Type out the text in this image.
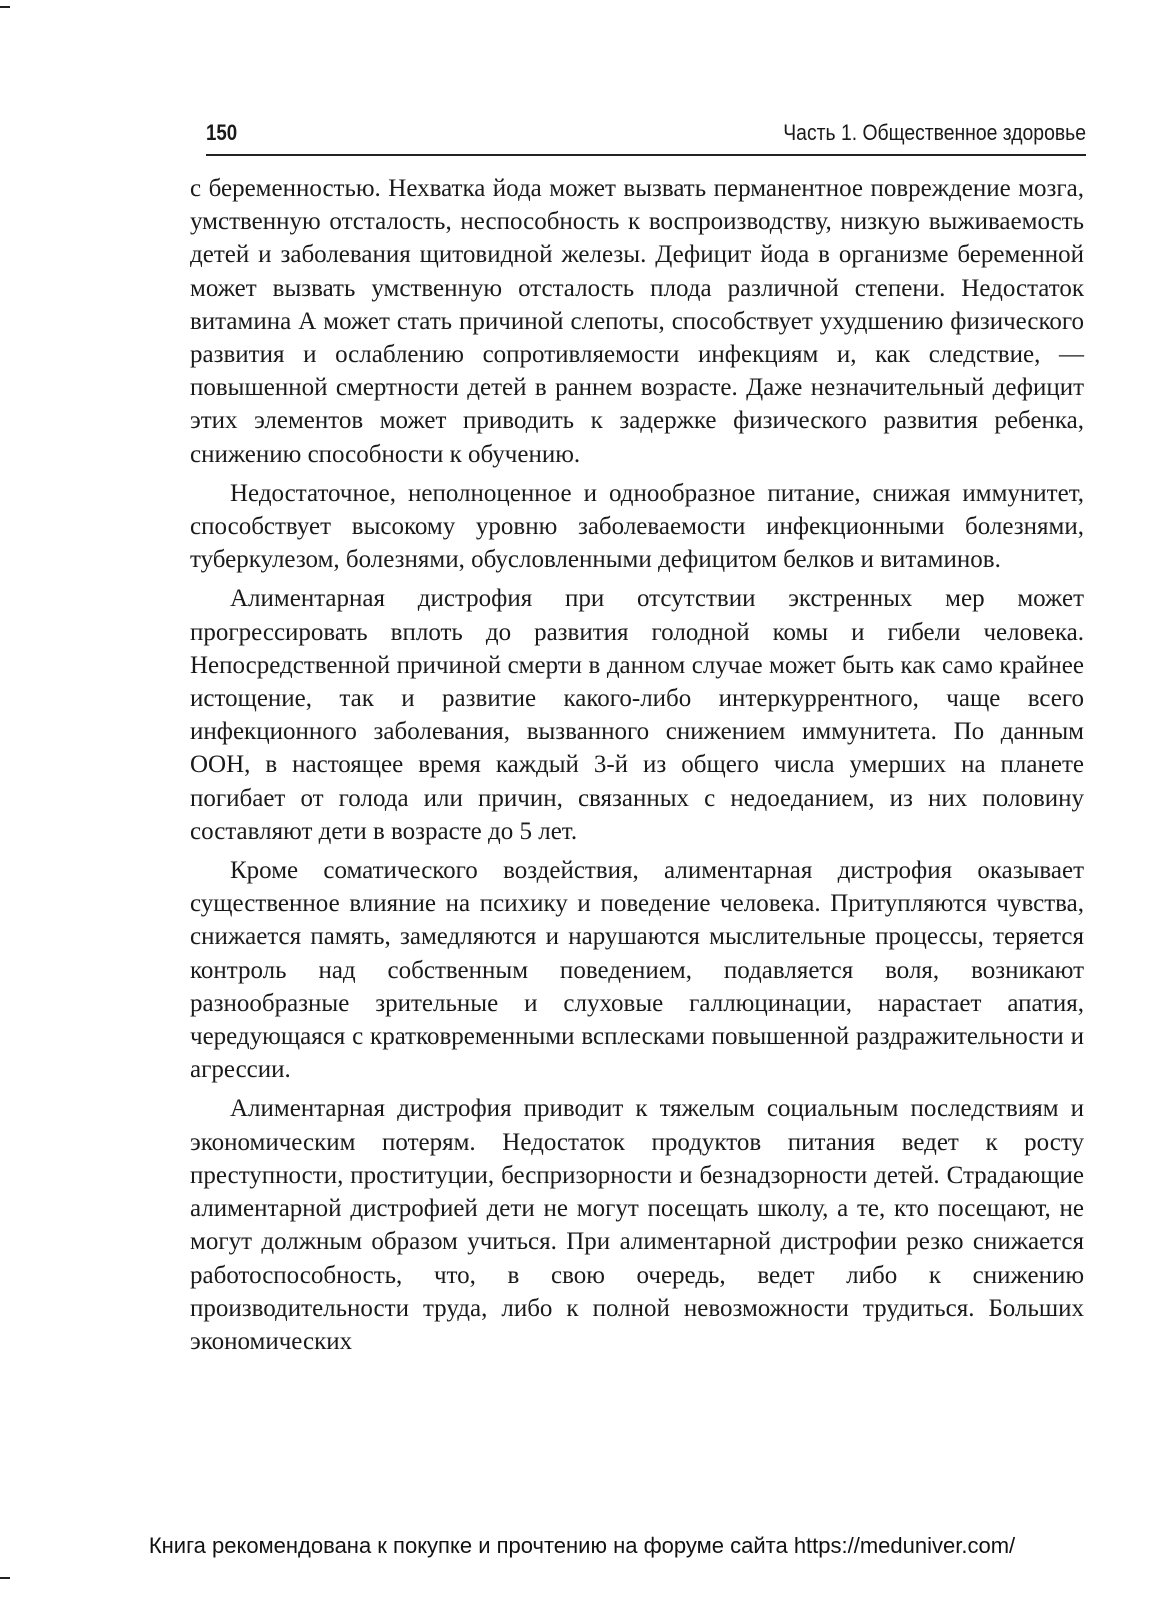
150	Часть 1. Общественное здоровье

с беременностью. Нехватка йода может вызвать перманентное повреждение мозга, умственную отсталость, неспособность к воспроизводству, низкую выживаемость детей и заболевания щитовидной железы. Дефицит йода в организме беременной может вызвать умственную отсталость плода различной степени. Недостаток витамина А может стать причиной слепоты, способствует ухудшению физического развития и ослаблению сопротивляемости инфекциям и, как следствие, — повышенной смертности детей в раннем возрасте. Даже незначительный дефицит этих элементов может приводить к задержке физического развития ребенка, снижению способности к обучению.

Недостаточное, неполноценное и однообразное питание, снижая иммунитет, способствует высокому уровню заболеваемости инфекционными болезнями, туберкулезом, болезнями, обусловленными дефицитом белков и витаминов.

Алиментарная дистрофия при отсутствии экстренных мер может прогрессировать вплоть до развития голодной комы и гибели человека. Непосредственной причиной смерти в данном случае может быть как само крайнее истощение, так и развитие какого-либо интеркуррентного, чаще всего инфекционного заболевания, вызванного снижением иммунитета. По данным ООН, в настоящее время каждый 3-й из общего числа умерших на планете погибает от голода или причин, связанных с недоеданием, из них половину составляют дети в возрасте до 5 лет.

Кроме соматического воздействия, алиментарная дистрофия оказывает существенное влияние на психику и поведение человека. Притупляются чувства, снижается память, замедляются и нарушаются мыслительные процессы, теряется контроль над собственным поведением, подавляется воля, возникают разнообразные зрительные и слуховые галлюцинации, нарастает апатия, чередующаяся с кратковременными всплесками повышенной раздражительности и агрессии.

Алиментарная дистрофия приводит к тяжелым социальным последствиям и экономическим потерям. Недостаток продуктов питания ведет к росту преступности, проституции, беспризорности и безнадзорности детей. Страдающие алиментарной дистрофией дети не могут посещать школу, а те, кто посещают, не могут должным образом учиться. При алиментарной дистрофии резко снижается работоспособность, что, в свою очередь, ведет либо к снижению производительности труда, либо к полной невозможности трудиться. Больших экономических

Книга рекомендована к покупке и прочтению на форуме сайта https://meduniver.com/
